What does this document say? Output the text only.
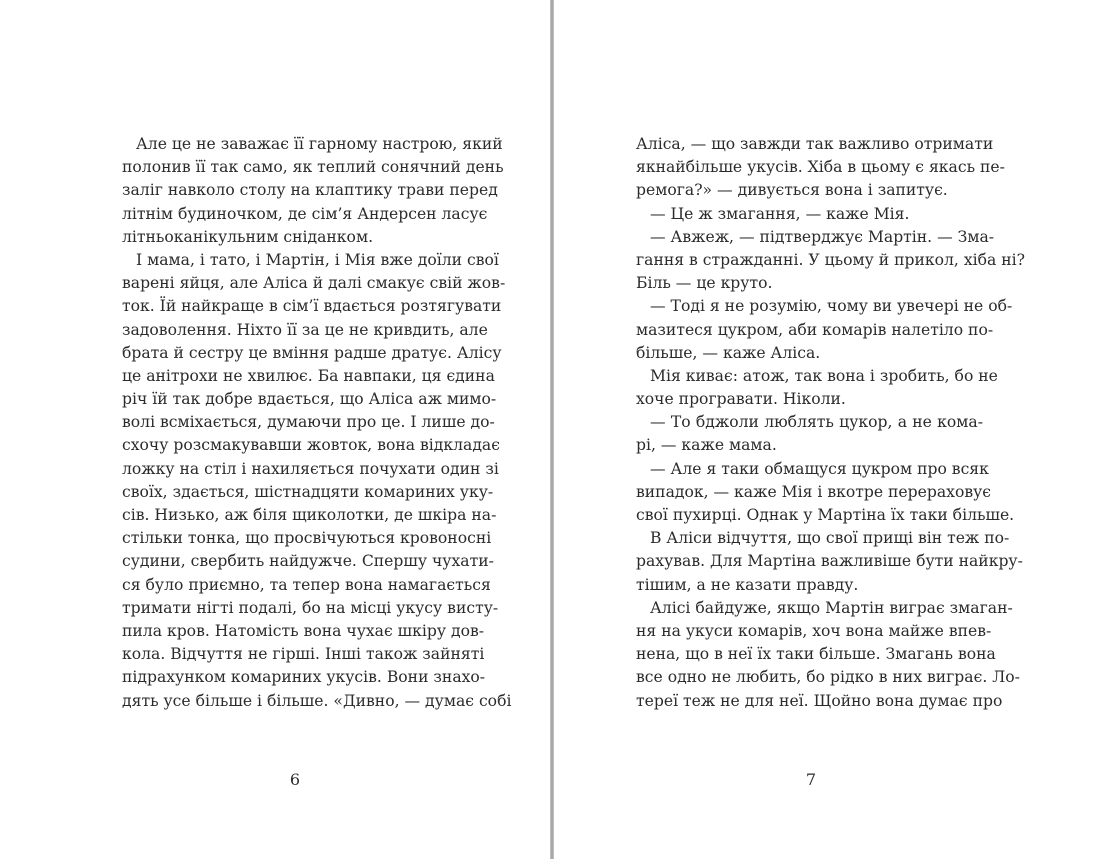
Але це не заважає її гарному настрою, який
полонив її так само, як теплий сонячний день
заліг навколо столу на клаптику трави перед
літнім будиночком, де сім’я Андерсен ласує
літньоканікульним сніданком.
І мама, і тато, і Мартін, і Мія вже доїли свої
варені яйця, але Аліса й далі смакує свій жов-
ток. Їй найкраще в сім’ї вдається розтягувати
задоволення. Ніхто її за це не кривдить, але
брата й сестру це вміння радше дратує. Алісу
це анітрохи не хвилює. Ба навпаки, ця єдина
річ їй так добре вдається, що Аліса аж мимо-
волі всміхається, думаючи про це. І лише до-
схочу розсмакувавши жовток, вона відкладає
ложку на стіл і нахиляється почухати один зі
своїх, здається, шістнадцяти комариних уку-
сів. Низько, аж біля щиколотки, де шкіра на-
стільки тонка, що просвічуються кровоносні
судини, свербить найдужче. Спершу чухати-
ся було приємно, та тепер вона намагається
тримати нігті подалі, бо на місці укусу висту-
пила кров. Натомість вона чухає шкіру дов-
кола. Відчуття не гірші. Інші також зайняті
підрахунком комариних укусів. Вони знахо-
дять усе більше і більше. «Дивно, — думає собі
6
Аліса, — що завжди так важливо отримати
якнайбільше укусів. Хіба в цьому є якась пе-
ремога?» — дивується вона і запитує.
— Це ж змагання, — каже Мія.
— Авжеж, — підтверджує Мартін. — Зма-
гання в стражданні. У цьому й прикол, хіба ні?
Біль — це круто.
— Тоді я не розумію, чому ви увечері не об-
мазитеся цукром, аби комарів налетіло по-
більше, — каже Аліса.
Мія киває: атож, так вона і зробить, бо не
хоче програвати. Ніколи.
— То бджоли люблять цукор, а не комa-
рі, — каже мама.
— Але я таки обмащуся цукром про всяк
випадок, — каже Мія і вкотре перераховує
свої пухирці. Однак у Мартіна їх таки більше.
В Аліси відчуття, що свої прищі він теж по-
рахував. Для Мартіна важливіше бути найкру-
тішим, а не казати правду.
Алісі байдуже, якщо Мартін виграє змаган-
ня на укуси комарів, хоч вона майже впев-
нена, що в неї їх таки більше. Змагань вона
все одно не любить, бо рідко в них виграє. Ло-
тереї теж не для неї. Щойно вона думає про
7
